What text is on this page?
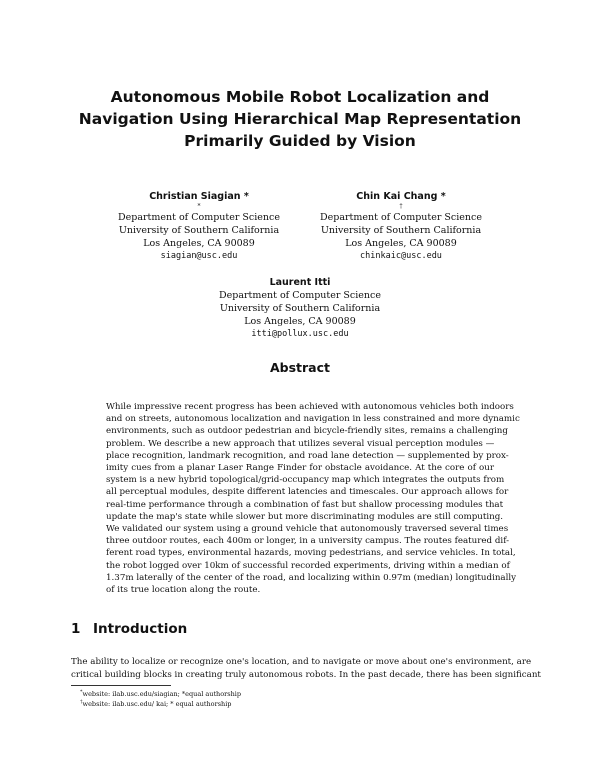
Autonomous Mobile Robot Localization and
Navigation Using Hierarchical Map Representation
Primarily Guided by Vision
Christian Siagian *
*
Department of Computer Science
University of Southern California
Los Angeles, CA 90089
siagian@usc.edu
Chin Kai Chang *
†
Department of Computer Science
University of Southern California
Los Angeles, CA 90089
chinkaic@usc.edu
Laurent Itti
Department of Computer Science
University of Southern California
Los Angeles, CA 90089
itti@pollux.usc.edu
Abstract
While impressive recent progress has been achieved with autonomous vehicles both indoors
and on streets, autonomous localization and navigation in less constrained and more dynamic
environments, such as outdoor pedestrian and bicycle-friendly sites, remains a challenging
problem. We describe a new approach that utilizes several visual perception modules —
place recognition, landmark recognition, and road lane detection — supplemented by prox-
imity cues from a planar Laser Range Finder for obstacle avoidance. At the core of our
system is a new hybrid topological/grid-occupancy map which integrates the outputs from
all perceptual modules, despite different latencies and timescales. Our approach allows for
real-time performance through a combination of fast but shallow processing modules that
update the map's state while slower but more discriminating modules are still computing.
We validated our system using a ground vehicle that autonomously traversed several times
three outdoor routes, each 400m or longer, in a university campus. The routes featured dif-
ferent road types, environmental hazards, moving pedestrians, and service vehicles. In total,
the robot logged over 10km of successful recorded experiments, driving within a median of
1.37m laterally of the center of the road, and localizing within 0.97m (median) longitudinally
of its true location along the route.
1 Introduction
The ability to localize or recognize one's location, and to navigate or move about one's environment, are
critical building blocks in creating truly autonomous robots. In the past decade, there has been significant
*website: ilab.usc.edu/siagian; *equal authorship
†website: ilab.usc.edu/ kai; * equal authorship
